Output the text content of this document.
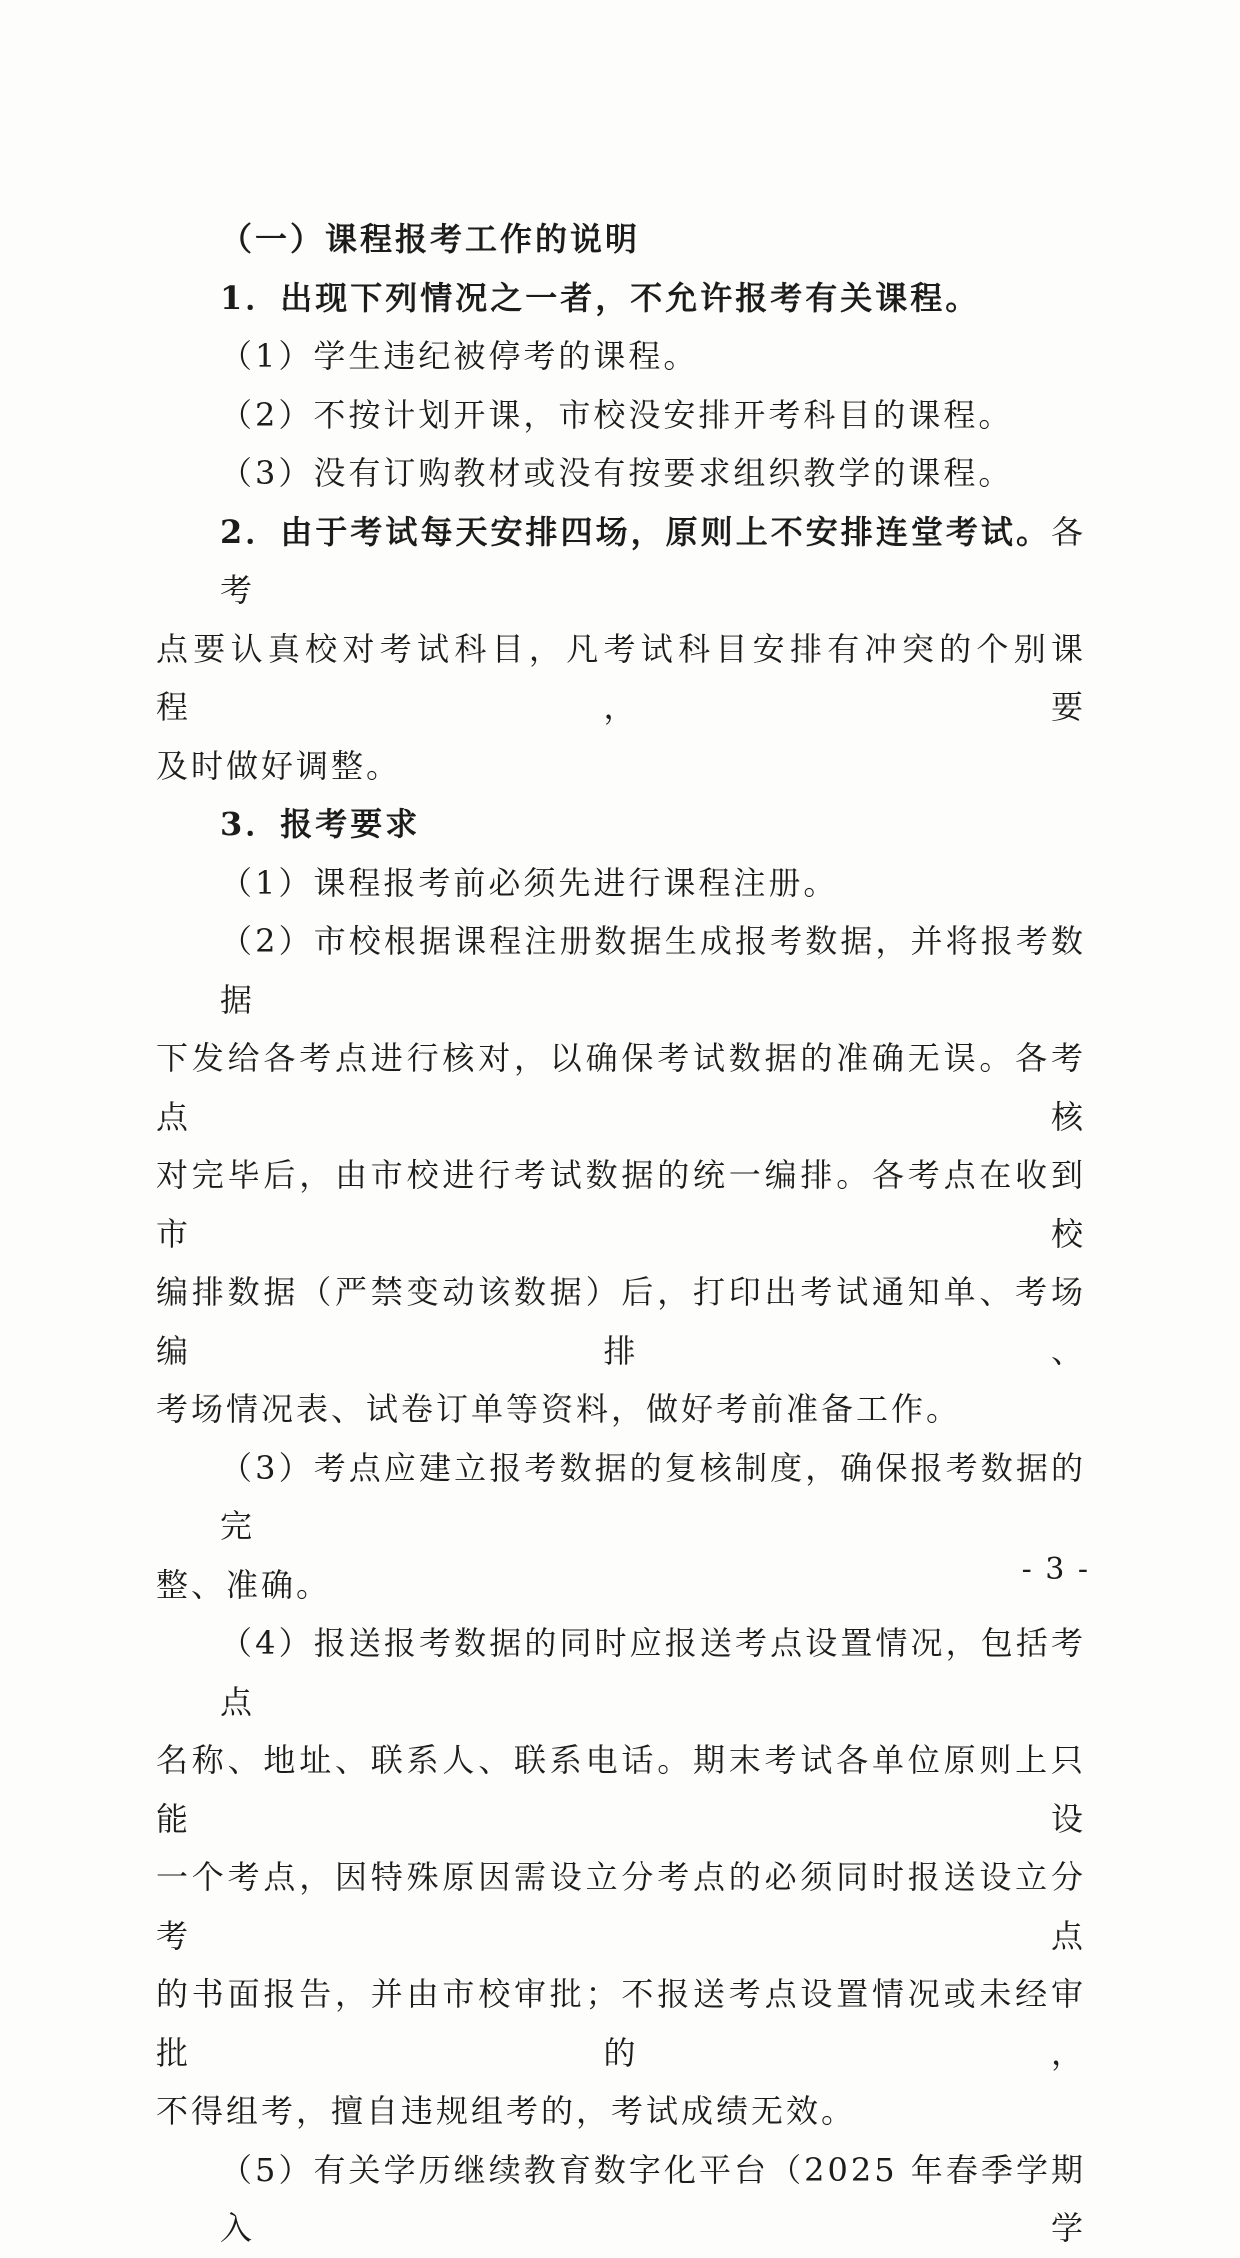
（一）课程报考工作的说明

1．出现下列情况之一者，不允许报考有关课程。

（1）学生违纪被停考的课程。

（2）不按计划开课，市校没安排开考科目的课程。

（3）没有订购教材或没有按要求组织教学的课程。

2．由于考试每天安排四场，原则上不安排连堂考试。各考

点要认真校对考试科目，凡考试科目安排有冲突的个别课程，要

及时做好调整。

3．报考要求

（1）课程报考前必须先进行课程注册。

（2）市校根据课程注册数据生成报考数据，并将报考数据

下发给各考点进行核对，以确保考试数据的准确无误。各考点核

对完毕后，由市校进行考试数据的统一编排。各考点在收到市校

编排数据（严禁变动该数据）后，打印出考试通知单、考场编排、

考场情况表、试卷订单等资料，做好考前准备工作。

（3）考点应建立报考数据的复核制度，确保报考数据的完

整、准确。

（4）报送报考数据的同时应报送考点设置情况，包括考点

名称、地址、联系人、联系电话。期末考试各单位原则上只能设

一个考点，因特殊原因需设立分考点的必须同时报送设立分考点

的书面报告，并由市校审批；不报送考点设置情况或未经审批的，

不得组考，擅自违规组考的，考试成绩无效。

（5）有关学历继续教育数字化平台（2025 年春季学期入学

- 3 -
